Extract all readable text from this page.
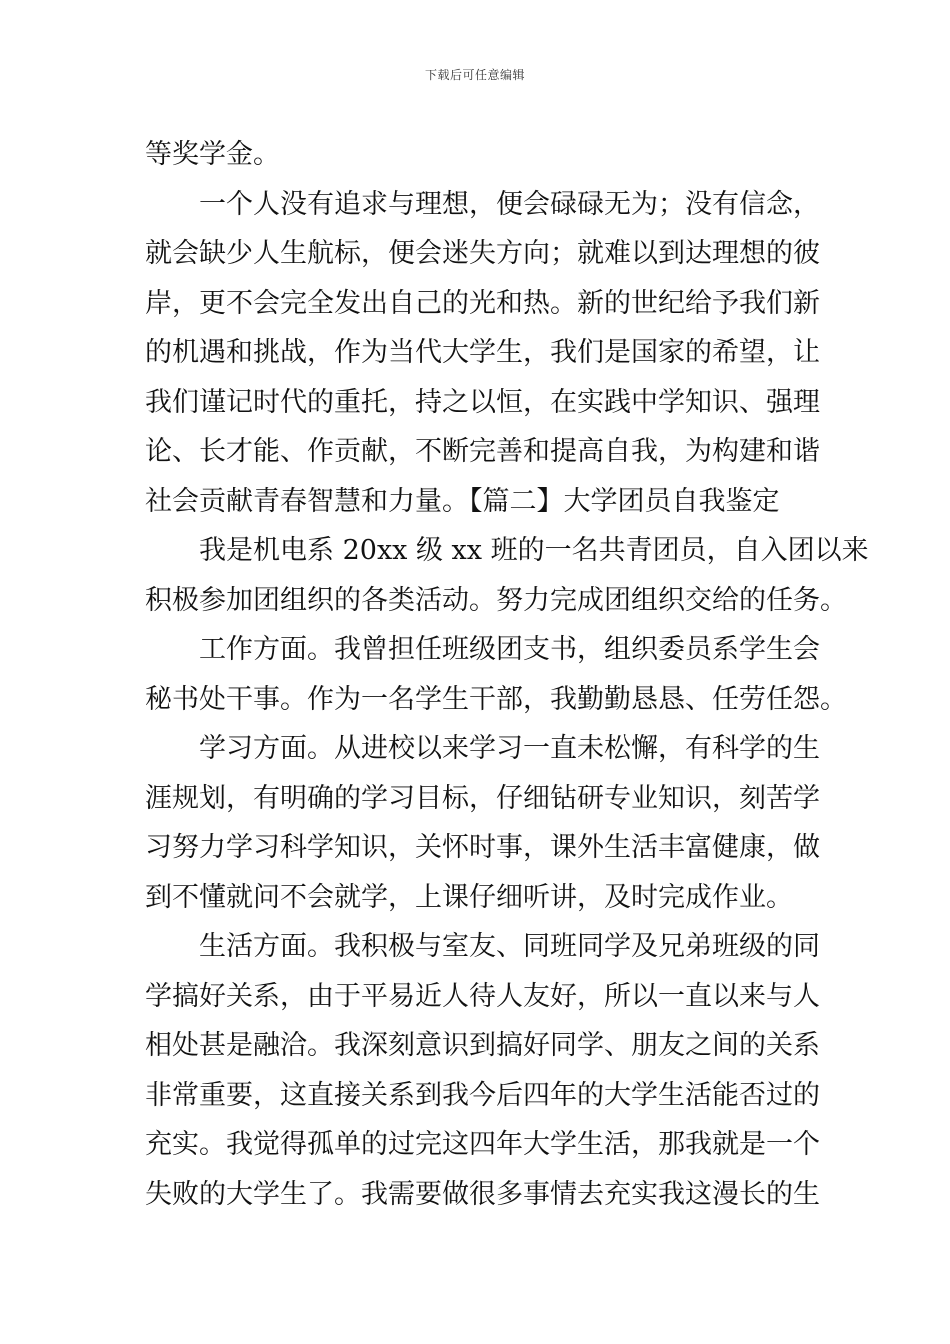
下载后可任意编辑
等奖学金。
一个人没有追求与理想，便会碌碌无为；没有信念，
就会缺少人生航标，便会迷失方向；就难以到达理想的彼
岸，更不会完全发出自己的光和热。新的世纪给予我们新
的机遇和挑战，作为当代大学生，我们是国家的希望，让
我们谨记时代的重托，持之以恒，在实践中学知识、强理
论、长才能、作贡献，不断完善和提高自我，为构建和谐
社会贡献青春智慧和力量。【篇二】大学团员自我鉴定
我是机电系 20xx 级 xx 班的一名共青团员，自入团以来
积极参加团组织的各类活动。努力完成团组织交给的任务。
工作方面。我曾担任班级团支书，组织委员系学生会
秘书处干事。作为一名学生干部，我勤勤恳恳、任劳任怨。
学习方面。从进校以来学习一直未松懈，有科学的生
涯规划，有明确的学习目标，仔细钻研专业知识，刻苦学
习努力学习科学知识，关怀时事，课外生活丰富健康，做
到不懂就问不会就学，上课仔细听讲，及时完成作业。
生活方面。我积极与室友、同班同学及兄弟班级的同
学搞好关系，由于平易近人待人友好，所以一直以来与人
相处甚是融洽。我深刻意识到搞好同学、朋友之间的关系
非常重要，这直接关系到我今后四年的大学生活能否过的
充实。我觉得孤单的过完这四年大学生活，那我就是一个
失败的大学生了。我需要做很多事情去充实我这漫长的生
